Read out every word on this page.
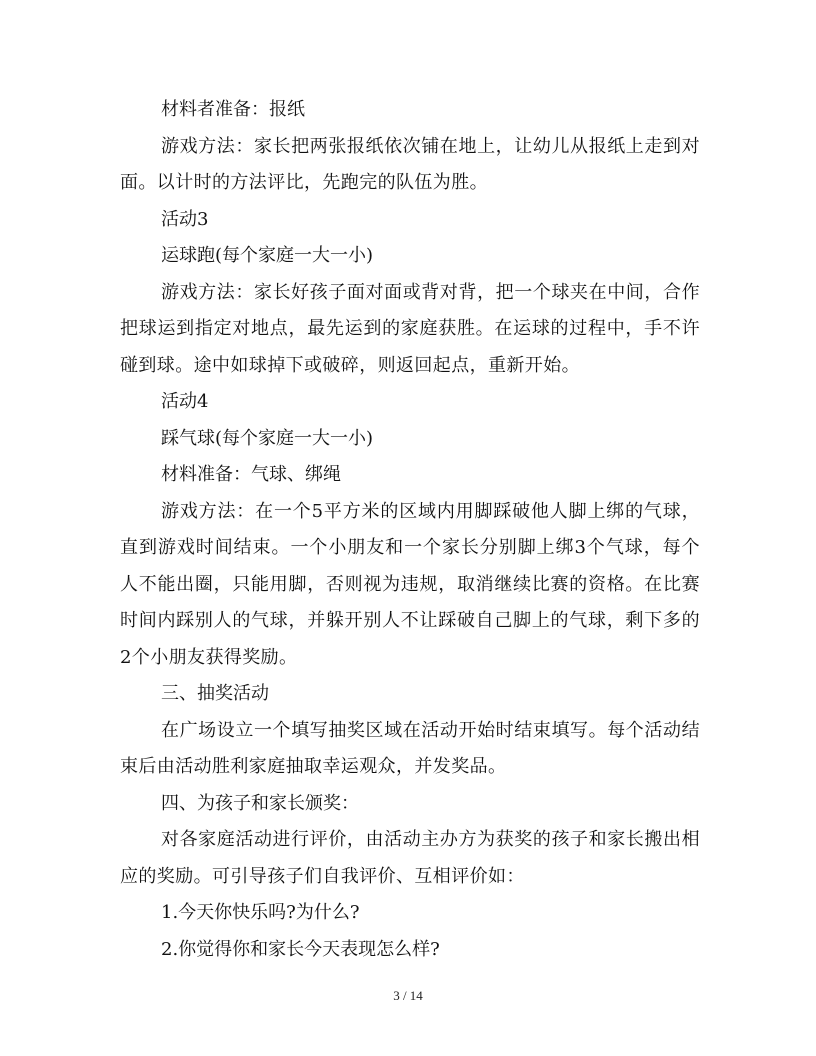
材料者准备：报纸

游戏方法：家长把两张报纸依次铺在地上，让幼儿从报纸上走到对面。以计时的方法评比，先跑完的队伍为胜。

活动3

运球跑(每个家庭一大一小)

游戏方法：家长好孩子面对面或背对背，把一个球夹在中间，合作把球运到指定对地点，最先运到的家庭获胜。在运球的过程中，手不许碰到球。途中如球掉下或破碎，则返回起点，重新开始。

活动4

踩气球(每个家庭一大一小)

材料准备：气球、绑绳

游戏方法：在一个5平方米的区域内用脚踩破他人脚上绑的气球，直到游戏时间结束。一个小朋友和一个家长分别脚上绑3个气球，每个人不能出圈，只能用脚，否则视为违规，取消继续比赛的资格。在比赛时间内踩别人的气球，并躲开别人不让踩破自己脚上的气球，剩下多的2个小朋友获得奖励。

三、抽奖活动

在广场设立一个填写抽奖区域在活动开始时结束填写。每个活动结束后由活动胜利家庭抽取幸运观众，并发奖品。

四、为孩子和家长颁奖：

对各家庭活动进行评价，由活动主办方为获奖的孩子和家长搬出相应的奖励。可引导孩子们自我评价、互相评价如：

1.今天你快乐吗?为什么?

2.你觉得你和家长今天表现怎么样?

3 / 14
